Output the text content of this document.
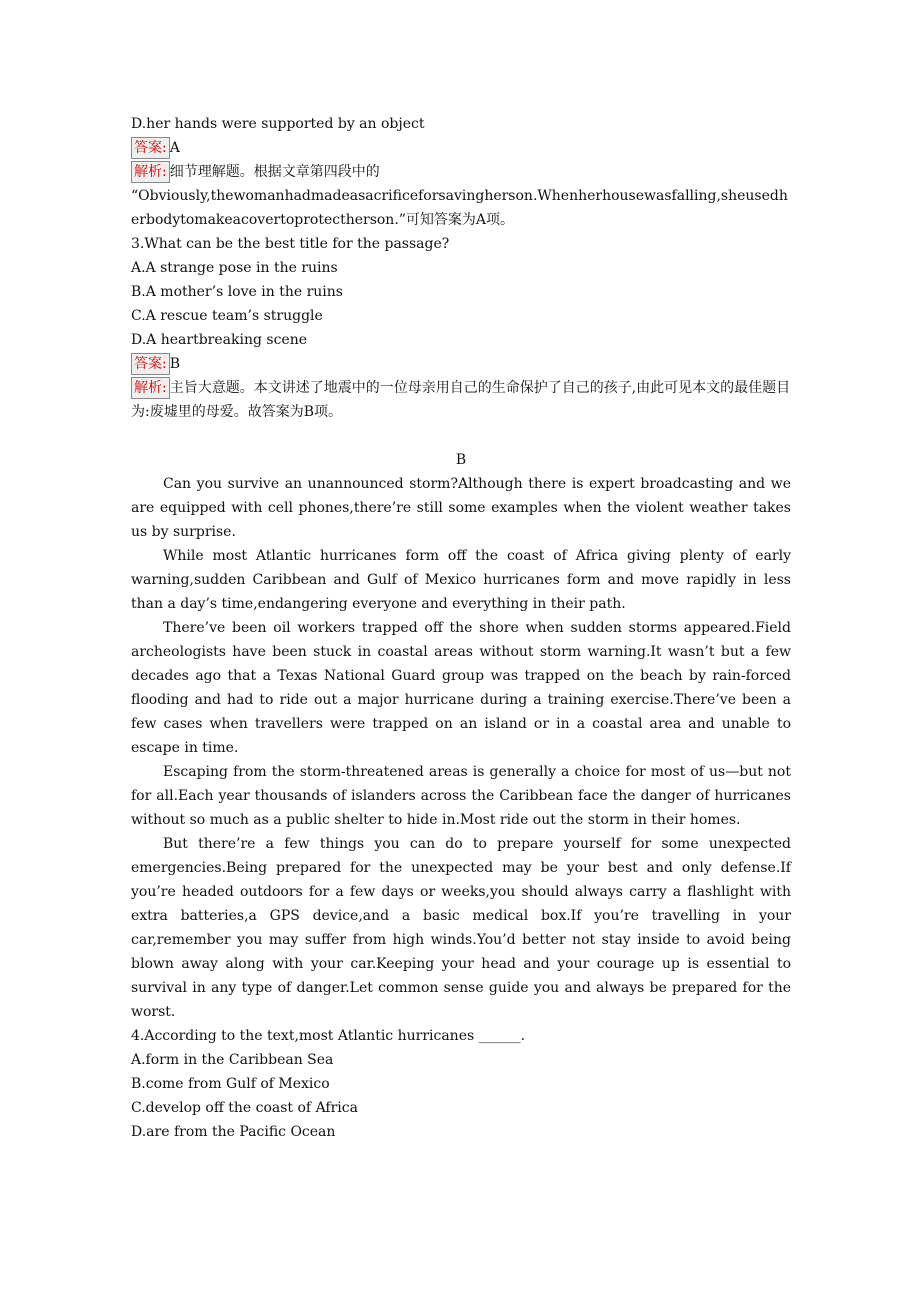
D.her hands were supported by an object
答案: A
解析: 细节理解题。根据文章第四段中的
“Obviously,thewomanhadmadeasacrificeforsavingherson.Whenherhousewasfalling,sheusedherbodytomakeacovertoprotectherson.”可知答案为A项。
3.What can be the best title for the passage?
A.A strange pose in the ruins
B.A mother’s love in the ruins
C.A rescue team’s struggle
D.A heartbreaking scene
答案: B
解析: 主旨大意题。本文讲述了地震中的一位母亲用自己的生命保护了自己的孩子,由此可见本文的最佳题目为:废墟里的母爱。故答案为B项。
B
Can you survive an unannounced storm?Although there is expert broadcasting and we are equipped with cell phones,there’re still some examples when the violent weather takes us by surprise.
While most Atlantic hurricanes form off the coast of Africa giving plenty of early warning,sudden Caribbean and Gulf of Mexico hurricanes form and move rapidly in less than a day’s time,endangering everyone and everything in their path.
There’ve been oil workers trapped off the shore when sudden storms appeared.Field archeologists have been stuck in coastal areas without storm warning.It wasn’t but a few decades ago that a Texas National Guard group was trapped on the beach by rain-forced flooding and had to ride out a major hurricane during a training exercise.There’ve been a few cases when travellers were trapped on an island or in a coastal area and unable to escape in time.
Escaping from the storm-threatened areas is generally a choice for most of us—but not for all.Each year thousands of islanders across the Caribbean face the danger of hurricanes without so much as a public shelter to hide in.Most ride out the storm in their homes.
But there’re a few things you can do to prepare yourself for some unexpected emergencies.Being prepared for the unexpected may be your best and only defense.If you’re headed outdoors for a few days or weeks,you should always carry a flashlight with extra batteries,a GPS device,and a basic medical box.If you’re travelling in your car,remember you may suffer from high winds.You’d better not stay inside to avoid being blown away along with your car.Keeping your head and your courage up is essential to survival in any type of danger.Let common sense guide you and always be prepared for the worst.
4.According to the text,most Atlantic hurricanes ______.
A.form in the Caribbean Sea
B.come from Gulf of Mexico
C.develop off the coast of Africa
D.are from the Pacific Ocean
